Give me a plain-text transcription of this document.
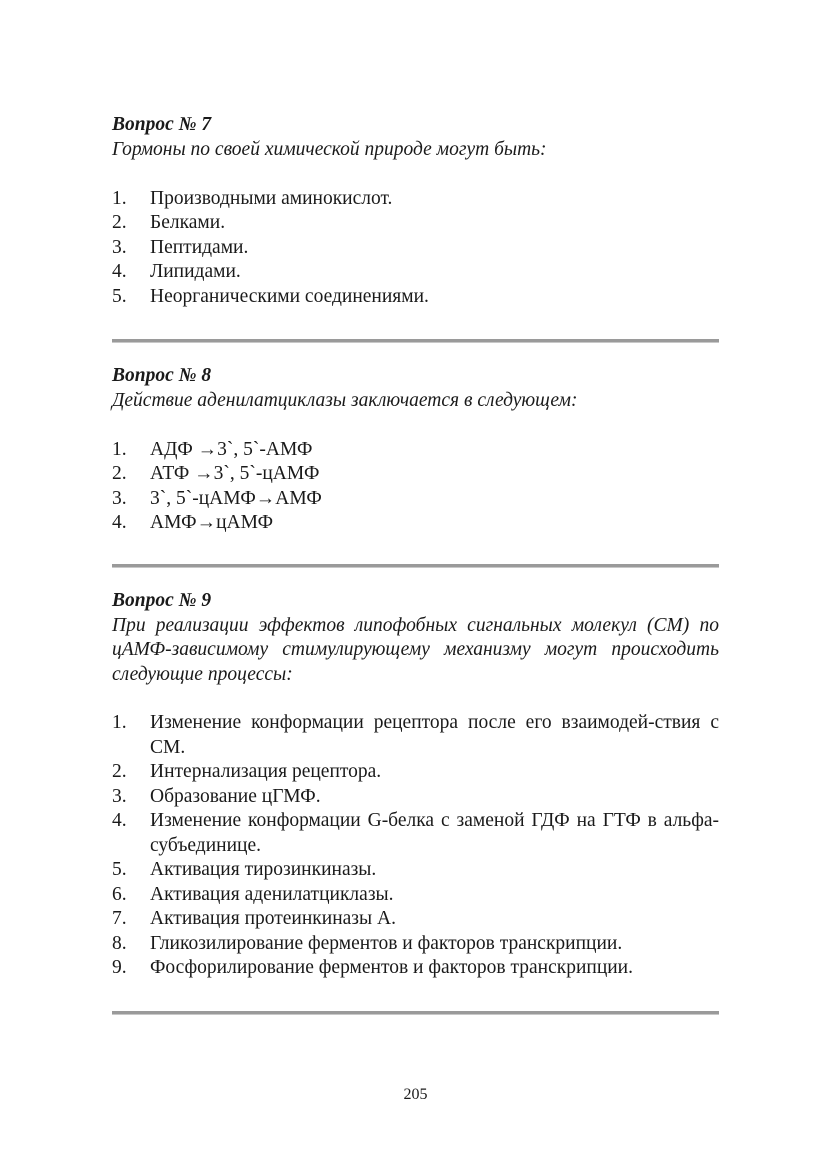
Вопрос № 7
Гормоны по своей химической природе могут быть:
1.	Производными аминокислот.
2.	Белками.
3.	Пептидами.
4.	Липидами.
5.	Неорганическими соединениями.
Вопрос № 8
Действие аденилатциклазы заключается в следующем:
1.	АДФ →3`, 5`-АМФ
2.	АТФ →3`, 5`-цАМФ
3.	3`, 5`-цАМФ→АМФ
4.	АМФ→цАМФ
Вопрос № 9
При реализации эффектов липофобных сигнальных молекул (СМ) по цАМФ-зависимому стимулирующему механизму могут происходить следующие процессы:
1.	Изменение конформации рецептора после его взаимодей-ствия с СМ.
2.	Интернализация рецептора.
3.	Образование цГМФ.
4.	Изменение конформации G-белка с заменой ГДФ на ГТФ в альфа-субъединице.
5.	Активация тирозинкиназы.
6.	Активация аденилатциклазы.
7.	Активация протеинкиназы А.
8.	Гликозилирование ферментов и факторов транскрипции.
9.	Фосфорилирование ферментов и факторов транскрипции.
205
